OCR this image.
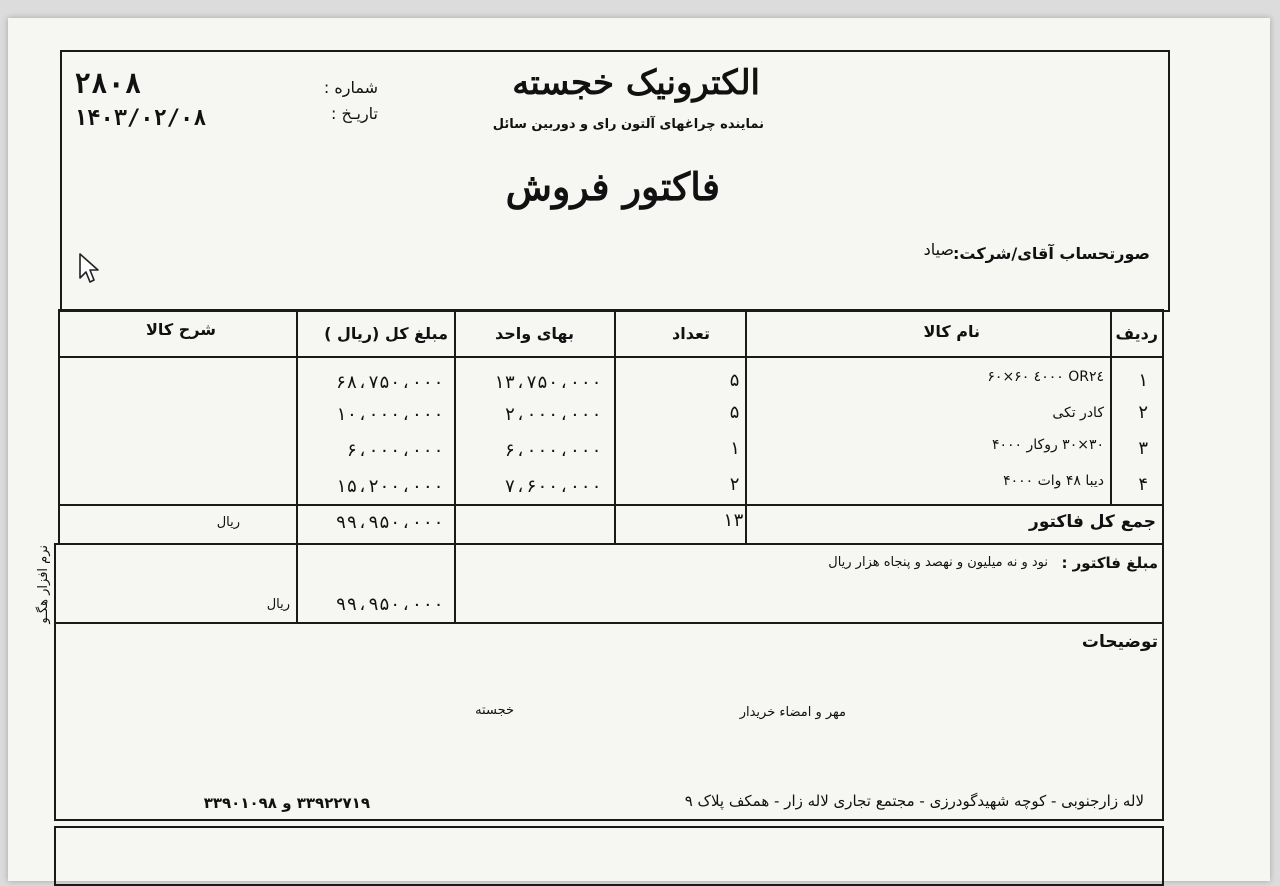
الکترونیک خجسته
نماینده چراغهای آلتون رای و دوربین سائل
فاکتور فروش
شماره :
تاریـخ :
۲۸۰۸
۱۴۰۳/۰۲/۰۸
صورتحساب آقای/شرکت:
صیاد
ردیف
نام کالا
تعداد
بهای واحد
مبلغ کل (ریال )
شرح کالا
۱
OR۲٤ ٤٠٠٠ ۶۰×۶۰
۵
۱۳،۷۵۰،۰۰۰
۶۸،۷۵۰،۰۰۰
۲
کادر تکی
۵
۲،۰۰۰،۰۰۰
۱۰،۰۰۰،۰۰۰
۳
۳۰×۳۰ روکار ۴۰۰۰
۱
۶،۰۰۰،۰۰۰
۶،۰۰۰،۰۰۰
۴
دیبا ۴۸ وات ۴۰۰۰
۲
۷،۶۰۰،۰۰۰
۱۵،۲۰۰،۰۰۰
جمع کل فاکتور
۱۳
۹۹،۹۵۰،۰۰۰
ریال
مبلغ فاکتور :
نود و نه میلیون و نهصد و پنجاه هزار ریال
۹۹،۹۵۰،۰۰۰
ریال
توضیحات
مهر و امضاء خریدار
خجسته
لاله زارجنوبی - کوچه شهیدگودرزی - مجتمع تجاری لاله زار - همکف پلاک ۹
۳۳۹۲۲۷۱۹ و ۳۳۹۰۱۰۹۸
نرم افزار هگـو
